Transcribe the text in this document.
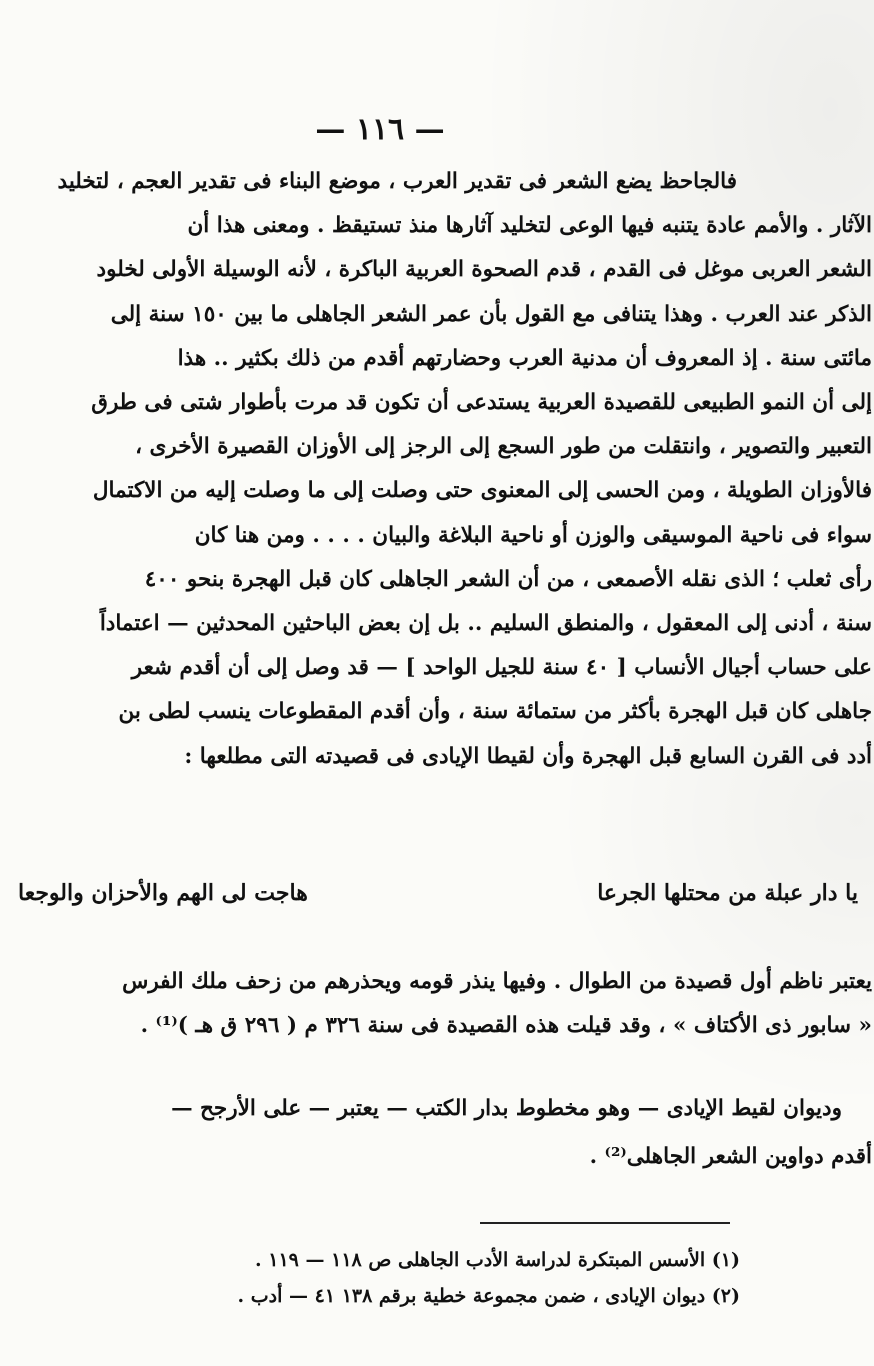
— ١١٦ —

فالجاحظ يضع الشعر فى تقدير العرب ، موضع البناء فى تقدير العجم ، لتخليد

الآثار . والأمم عادة يتنبه فيها الوعى لتخليد آثارها منذ تستيقظ . ومعنى هذا أن

الشعر العربى موغل فى القدم ، قدم الصحوة العربية الباكرة ، لأنه الوسيلة الأولى لخلود

الذكر عند العرب . وهذا يتنافى مع القول بأن عمر الشعر الجاهلى ما بين ١٥٠ سنة إلى

مائتى سنة . إذ المعروف أن مدنية العرب وحضارتهم أقدم من ذلك بكثير .. هذا

إلى أن النمو الطبيعى للقصيدة العربية يستدعى أن تكون قد مرت بأطوار شتى فى طرق

التعبير والتصوير ، وانتقلت من طور السجع إلى الرجز إلى الأوزان القصيرة الأخرى ،

فالأوزان الطويلة ، ومن الحسى إلى المعنوى حتى وصلت إلى ما وصلت إليه من الاكتمال

سواء فى ناحية الموسيقى والوزن أو ناحية البلاغة والبيان . . . . ومن هنا كان

رأى ثعلب ؛ الذى نقله الأصمعى ، من أن الشعر الجاهلى كان قبل الهجرة بنحو ٤٠٠

سنة ، أدنى إلى المعقول ، والمنطق السليم .. بل إن بعض الباحثين المحدثين — اعتماداً

على حساب أجيال الأنساب [ ٤٠ سنة للجيل الواحد ] — قد وصل إلى أن أقدم شعر

جاهلى كان قبل الهجرة بأكثر من ستمائة سنة ، وأن أقدم المقطوعات ينسب لطى بن

أدد فى القرن السابع قبل الهجرة وأن لقيطا الإيادى فى قصيدته التى مطلعها :

يا دار عبلة من محتلها الجرعا
هاجت لى الهم والأحزان والوجعا

يعتبر ناظم أول قصيدة من الطوال . وفيها ينذر قومه ويحذرهم من زحف ملك الفرس

« سابور ذى الأكتاف » ، وقد قيلت هذه القصيدة فى سنة ٣٢٦ م ( ٢٩٦ ق هـ )⁽¹⁾ .

وديوان لقيط الإيادى — وهو مخطوط بدار الكتب — يعتبر — على الأرجح —

أقدم دواوين الشعر الجاهلى⁽²⁾ .

(١) الأسس المبتكرة لدراسة الأدب الجاهلى ص ١١٨ — ١١٩ .
(٢) ديوان الإيادى ، ضمن مجموعة خطية برقم ١٣٨ ٤١ — أدب .
